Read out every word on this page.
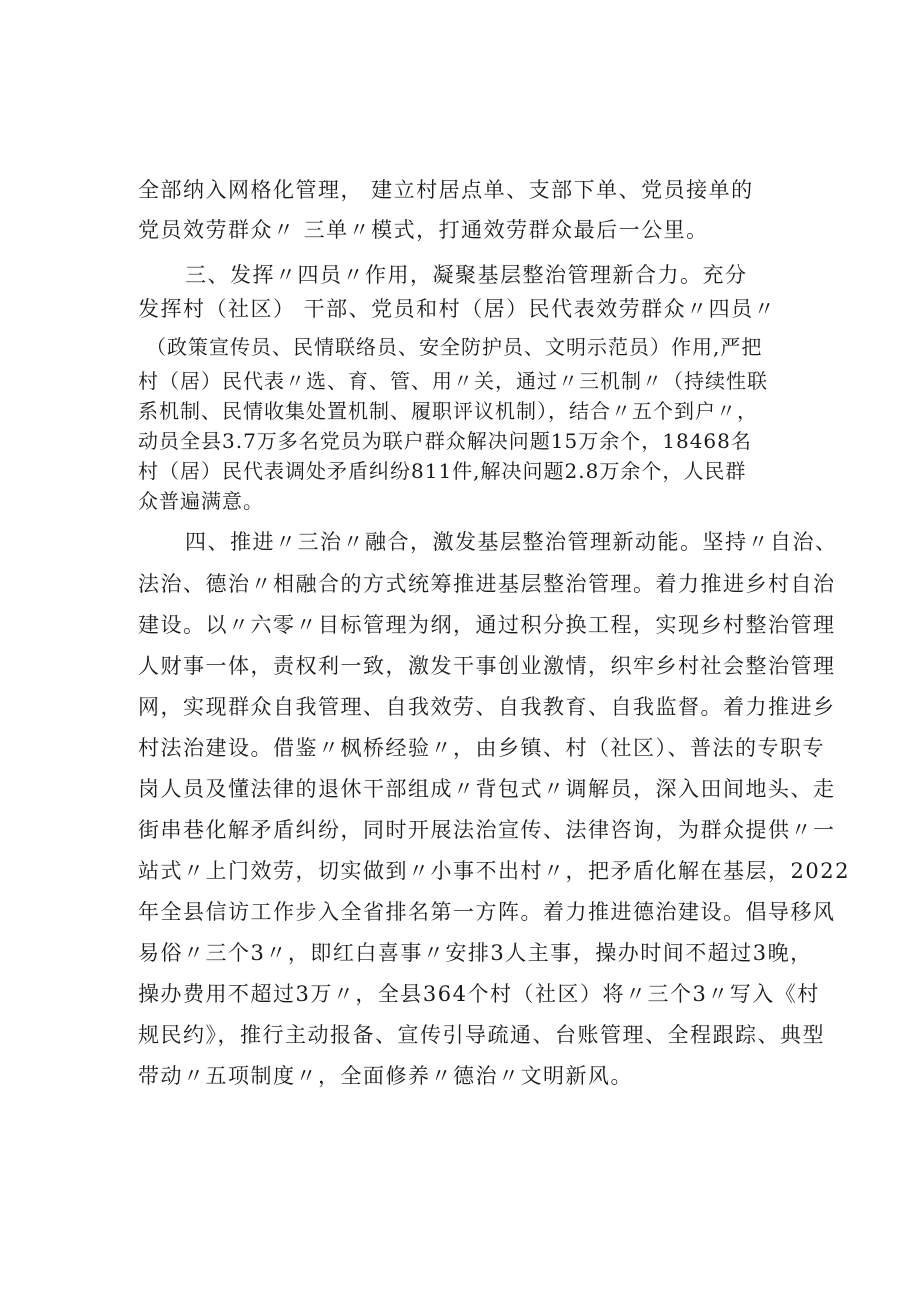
全部纳入网格化管理， 建立村居点单、支部下单、党员接单的
党员效劳群众〃 三单〃模式，打通效劳群众最后一公里。
三、发挥〃四员〃作用，凝聚基层整治管理新合力。充分
发挥村（社区） 干部、党员和村（居）民代表效劳群众〃四员〃
（政策宣传员、民情联络员、安全防护员、文明示范员）作用,严把
村（居）民代表〃选、育、管、用〃关，通过〃三机制〃（持续性联
系机制、民情收集处置机制、履职评议机制），结合〃五个到户〃，
动员全县3.7万多名党员为联户群众解决问题15万余个，18468名
村（居）民代表调处矛盾纠纷811件,解决问题2.8万余个，人民群
众普遍满意。
四、推进〃三治〃融合，激发基层整治管理新动能。坚持〃自治、
法治、德治〃相融合的方式统筹推进基层整治管理。着力推进乡村自治
建设。以〃六零〃目标管理为纲，通过积分换工程，实现乡村整治管理
人财事一体，责权利一致，激发干事创业激情，织牢乡村社会整治管理
网，实现群众自我管理、自我效劳、自我教育、自我监督。着力推进乡
村法治建设。借鉴〃枫桥经验〃，由乡镇、村（社区）、普法的专职专
岗人员及懂法律的退休干部组成〃背包式〃调解员，深入田间地头、走
街串巷化解矛盾纠纷，同时开展法治宣传、法律咨询，为群众提供〃一
站式〃上门效劳，切实做到〃小事不出村〃，把矛盾化解在基层，2022
年全县信访工作步入全省排名第一方阵。着力推进德治建设。倡导移风
易俗〃三个3〃，即红白喜事〃安排3人主事，操办时间不超过3晚，
操办费用不超过3万〃，全县364个村（社区）将〃三个3〃写入《村
规民约》，推行主动报备、宣传引导疏通、台账管理、全程跟踪、典型
带动〃五项制度〃，全面修养〃德治〃文明新风。
